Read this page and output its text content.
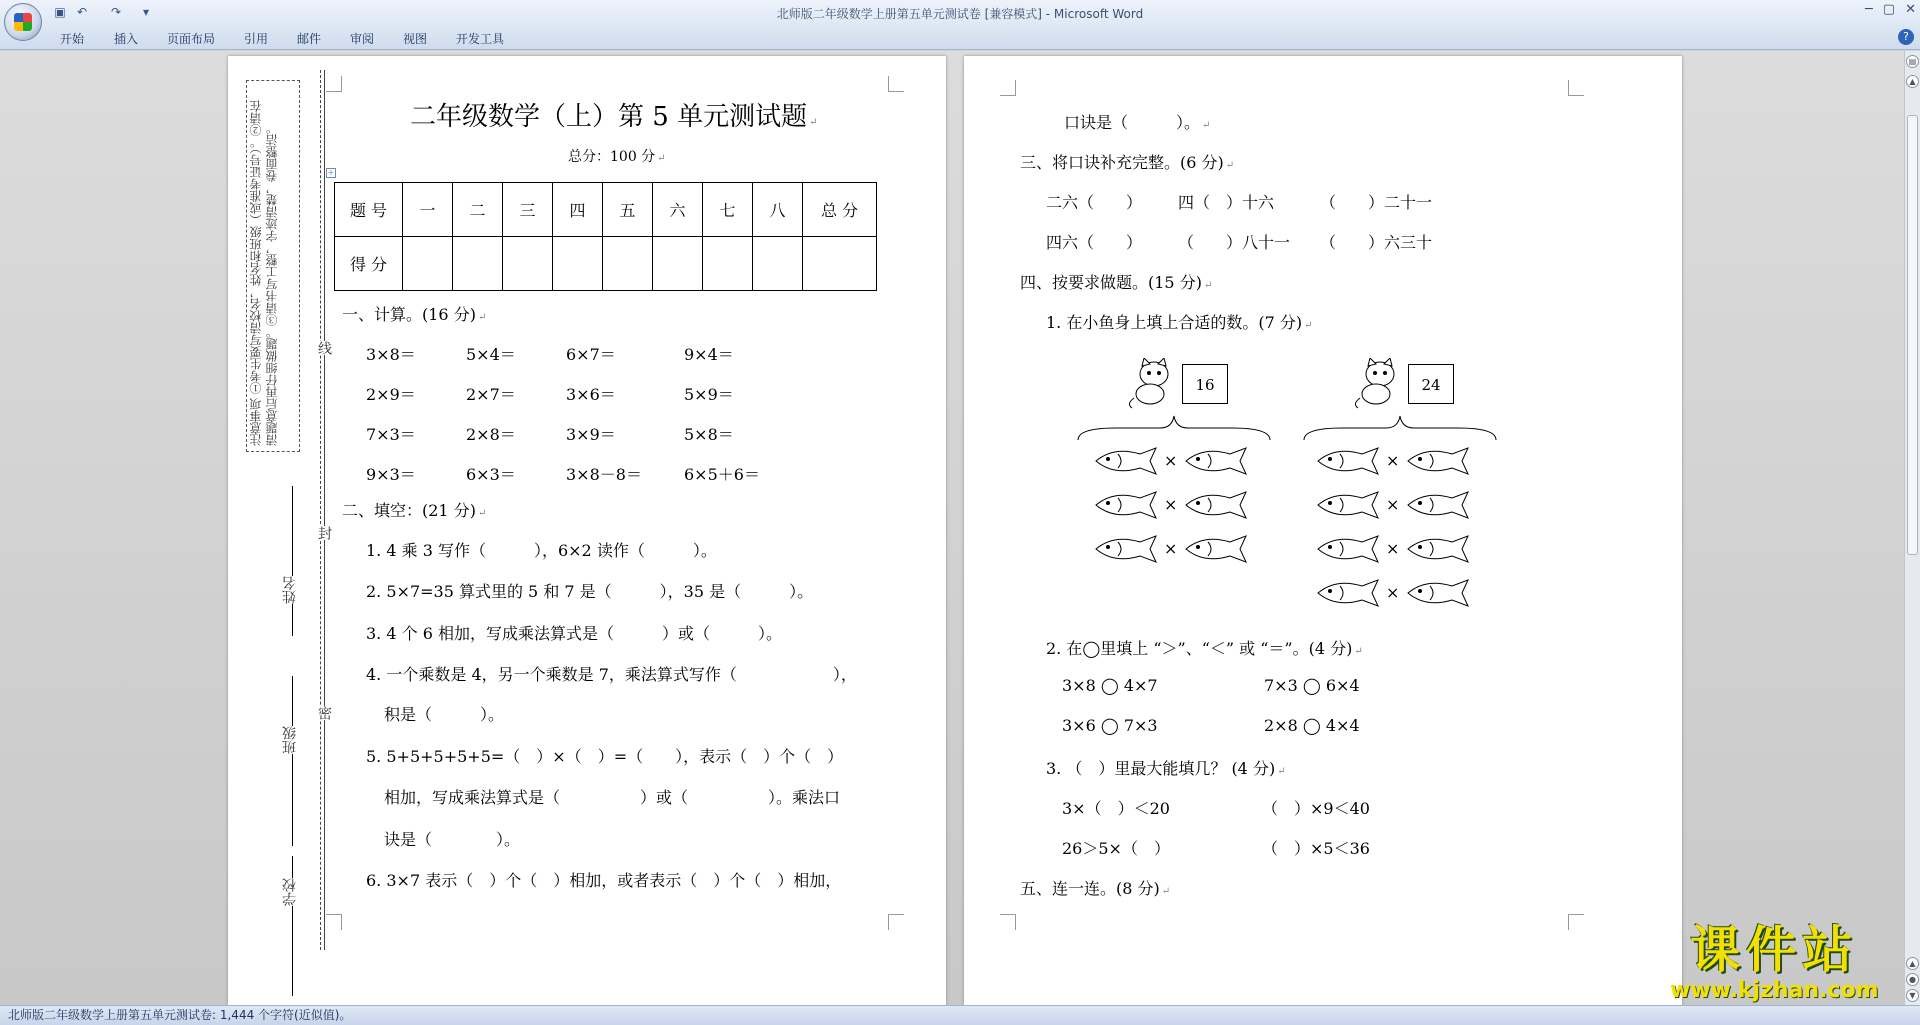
▣ ↶ ↷	▾	北师版二年级数学上册第五单元测试卷 [兼容模式] - Microsoft Word	─ ▢ ✕
开始 插入 页面布局 引用 邮件 审阅 视图 开发工具	?
注意事项 ①考生要写清校名，姓名和班级（或准考证号）。②请在清题意后再仔细做题。③请书写工整，字迹清楚，卷面整洁。	线
封
密
姓名
班级
学校
二年级数学（上）第 5 单元测试题 ↵
总分：100 分 ↵
+
题 号	一	二	三	四	五	六	七	八	总 分
得 分									
一、计算。(16 分) ↵
3×8＝	5×4＝	6×7＝	9×4＝
2×9＝	2×7＝	3×6＝	5×9＝
7×3＝	2×8＝	3×9＝	5×8＝
9×3＝	6×3＝	3×8－8＝	6×5＋6＝
二、填空：(21 分) ↵
1. 4 乘 3 写作（　　　），6×2 读作（　　　）。
2. 5×7=35 算式里的 5 和 7 是（　　　），35 是（　　　）。
3. 4 个 6 相加，写成乘法算式是（　　　）或（　　　）。
4. 一个乘数是 4，另一个乘数是 7，乘法算式写作（　　　　　　），
积是（　　　）。
5. 5+5+5+5+5=（　）×（　）=（　　），表示（　）个（　）
相加，写成乘法算式是（　　　　　）或（　　　　　）。乘法口
诀是（　　　　）。
6. 3×7 表示（　）个（　）相加，或者表示（　）个（　）相加，
口诀是（　　　）。 ↵
三、将口诀补充完整。(6 分) ↵
二六（　　） 四（　）十六	（　　）二十一
四六（　　） （　　）八十一 （　　）六三十
四、按要求做题。(15 分) ↵
1. 在小鱼身上填上合适的数。(7 分) ↵
16	24
×
×
×
×
×
×
×
2. 在◯里填上 “＞”、“＜” 或 “＝”。(4 分) ↵
3×8 ◯ 4×7	7×3 ◯ 6×4
3×6 ◯ 7×3	2×8 ◯ 4×4
3. （　）里最大能填几？ (4 分) ↵
3×（　）＜20	（　）×9＜40
26＞5×（　）	（　）×5＜36
五、连一连。(8 分) ↵
▤
▲
▲
●
▼
课件站
www.kjzhan.com
北师版二年级数学上册第五单元测试卷: 1,444 个字符(近似值)。
